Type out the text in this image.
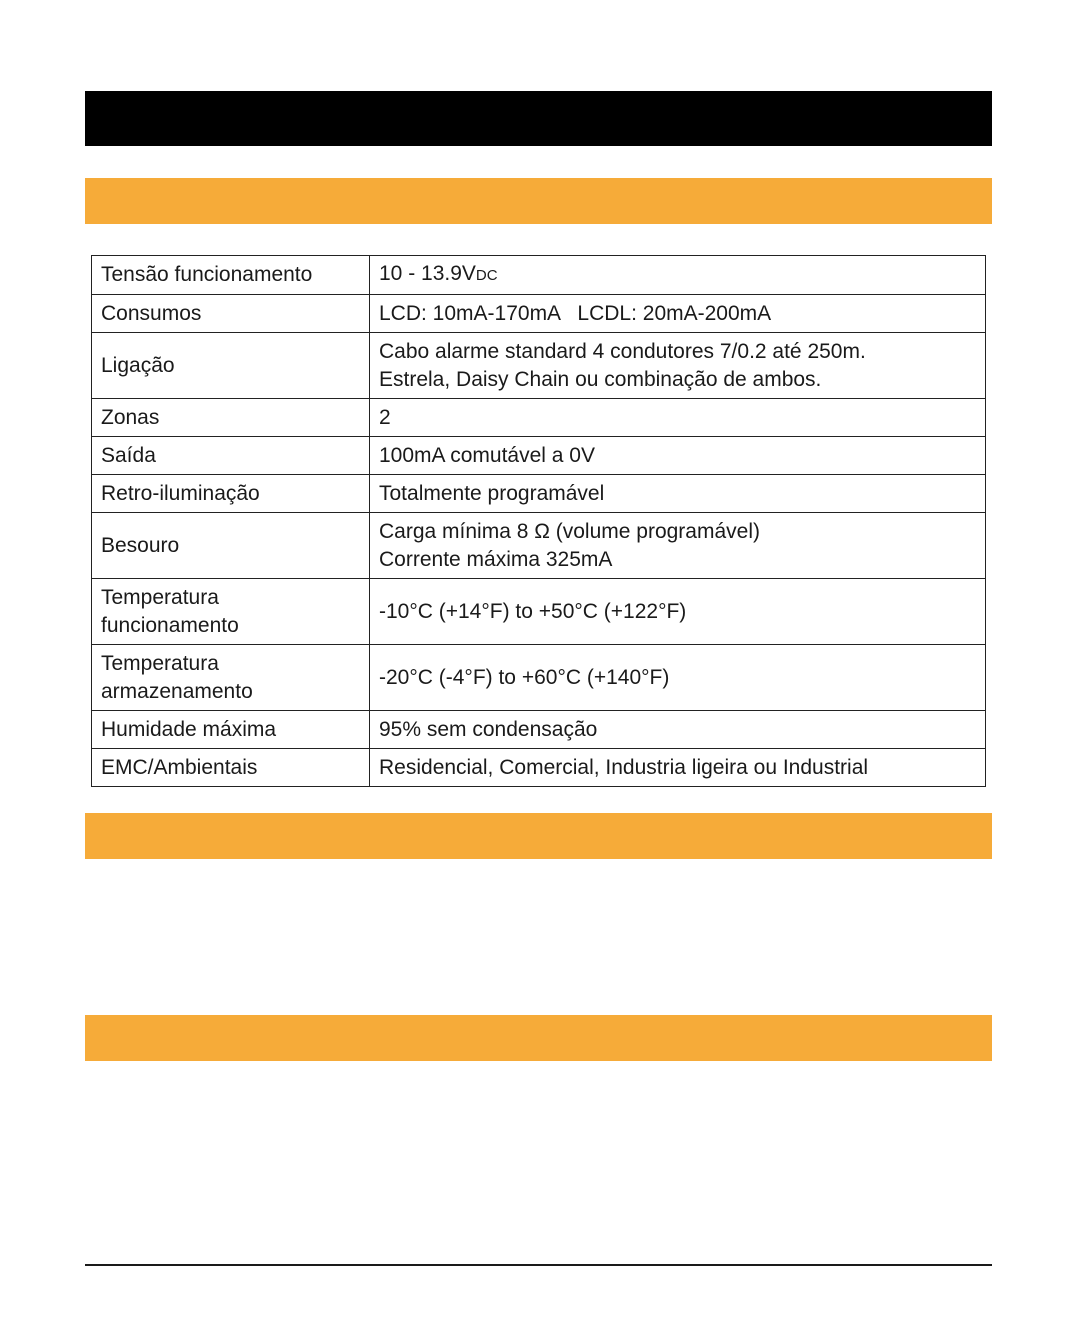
Tensão funcionamento	10 - 13.9VDC
Consumos	LCD: 10mA-170mA   LCDL: 20mA-200mA
Ligação	Cabo alarme standard 4 condutores 7/0.2 até 250m.
Estrela, Daisy Chain ou combinação de ambos.
Zonas	2
Saída	100mA comutável a 0V
Retro-iluminação	Totalmente programável
Besouro	Carga mínima 8 Ω (volume programável)
Corrente máxima 325mA
Temperatura
funcionamento	-10°C (+14°F) to +50°C (+122°F)
Temperatura
armazenamento	-20°C (-4°F) to +60°C (+140°F)
Humidade máxima	95% sem condensação
EMC/Ambientais	Residencial, Comercial, Industria ligeira ou Industrial
